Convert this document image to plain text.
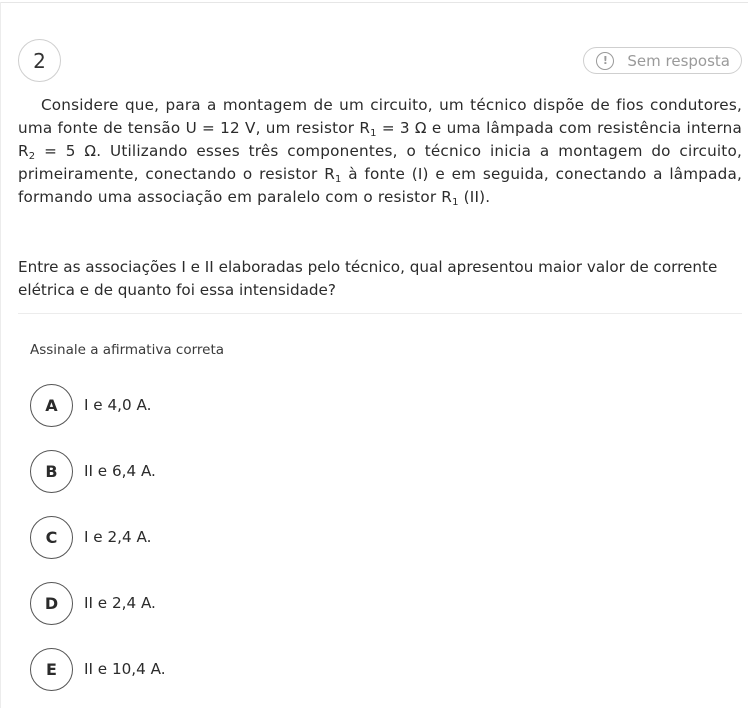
2	!	Sem resposta

Considere que, para a montagem de um circuito, um técnico dispõe de fios condutores, uma fonte de tensão U = 12 V, um resistor $R_1 = 3$ Ω e uma lâmpada com resistência interna $R_2 = 5$ Ω. Utilizando esses três componentes, o técnico inicia a montagem do circuito, primeiramente, conectando o resistor $R_1$ à fonte (I) e em seguida, conectando a lâmpada, formando uma associação em paralelo com o resistor $R_1$ (II).

Entre as associações I e II elaboradas pelo técnico, qual apresentou maior valor de corrente elétrica e de quanto foi essa intensidade?

Assinale a afirmativa correta
A	I e 4,0 A.
B	II e 6,4 A.
C	I e 2,4 A.
D	II e 2,4 A.
E	II e 10,4 A.
